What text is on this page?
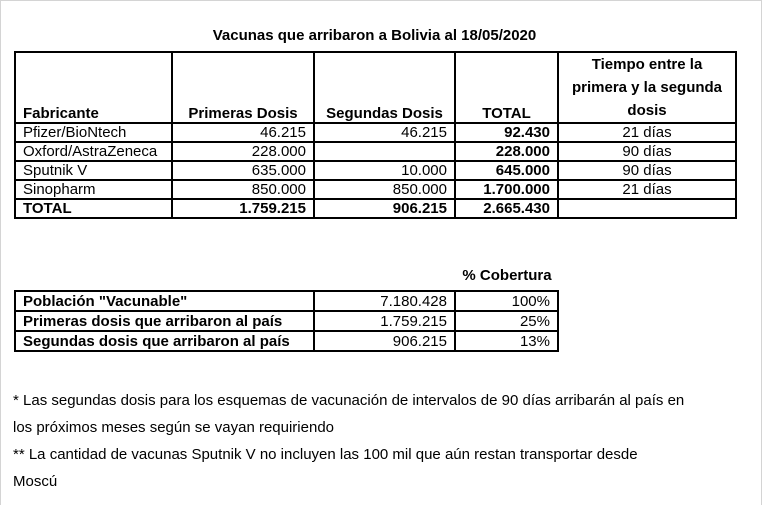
Vacunas que arribaron a Bolivia al 18/05/2020
Fabricante	Primeras Dosis	Segundas Dosis	TOTAL	Tiempo entre la primera y la segunda dosis
Pfizer/BioNtech	46.215	46.215	92.430	21 días
Oxford/AstraZeneca	228.000		228.000	90 días
Sputnik V	635.000	10.000	645.000	90 días
Sinopharm	850.000	850.000	1.700.000	21 días
TOTAL	1.759.215	906.215	2.665.430	
% Cobertura
Población "Vacunable"	7.180.428	100%
Primeras dosis que arribaron al país	1.759.215	25%
Segundas dosis que arribaron al país	906.215	13%
* Las segundas dosis para los esquemas de vacunación de intervalos de 90 días arribarán al país en
los próximos meses según se vayan requiriendo
** La cantidad de vacunas Sputnik V no incluyen las 100 mil que aún restan transportar desde
Moscú
